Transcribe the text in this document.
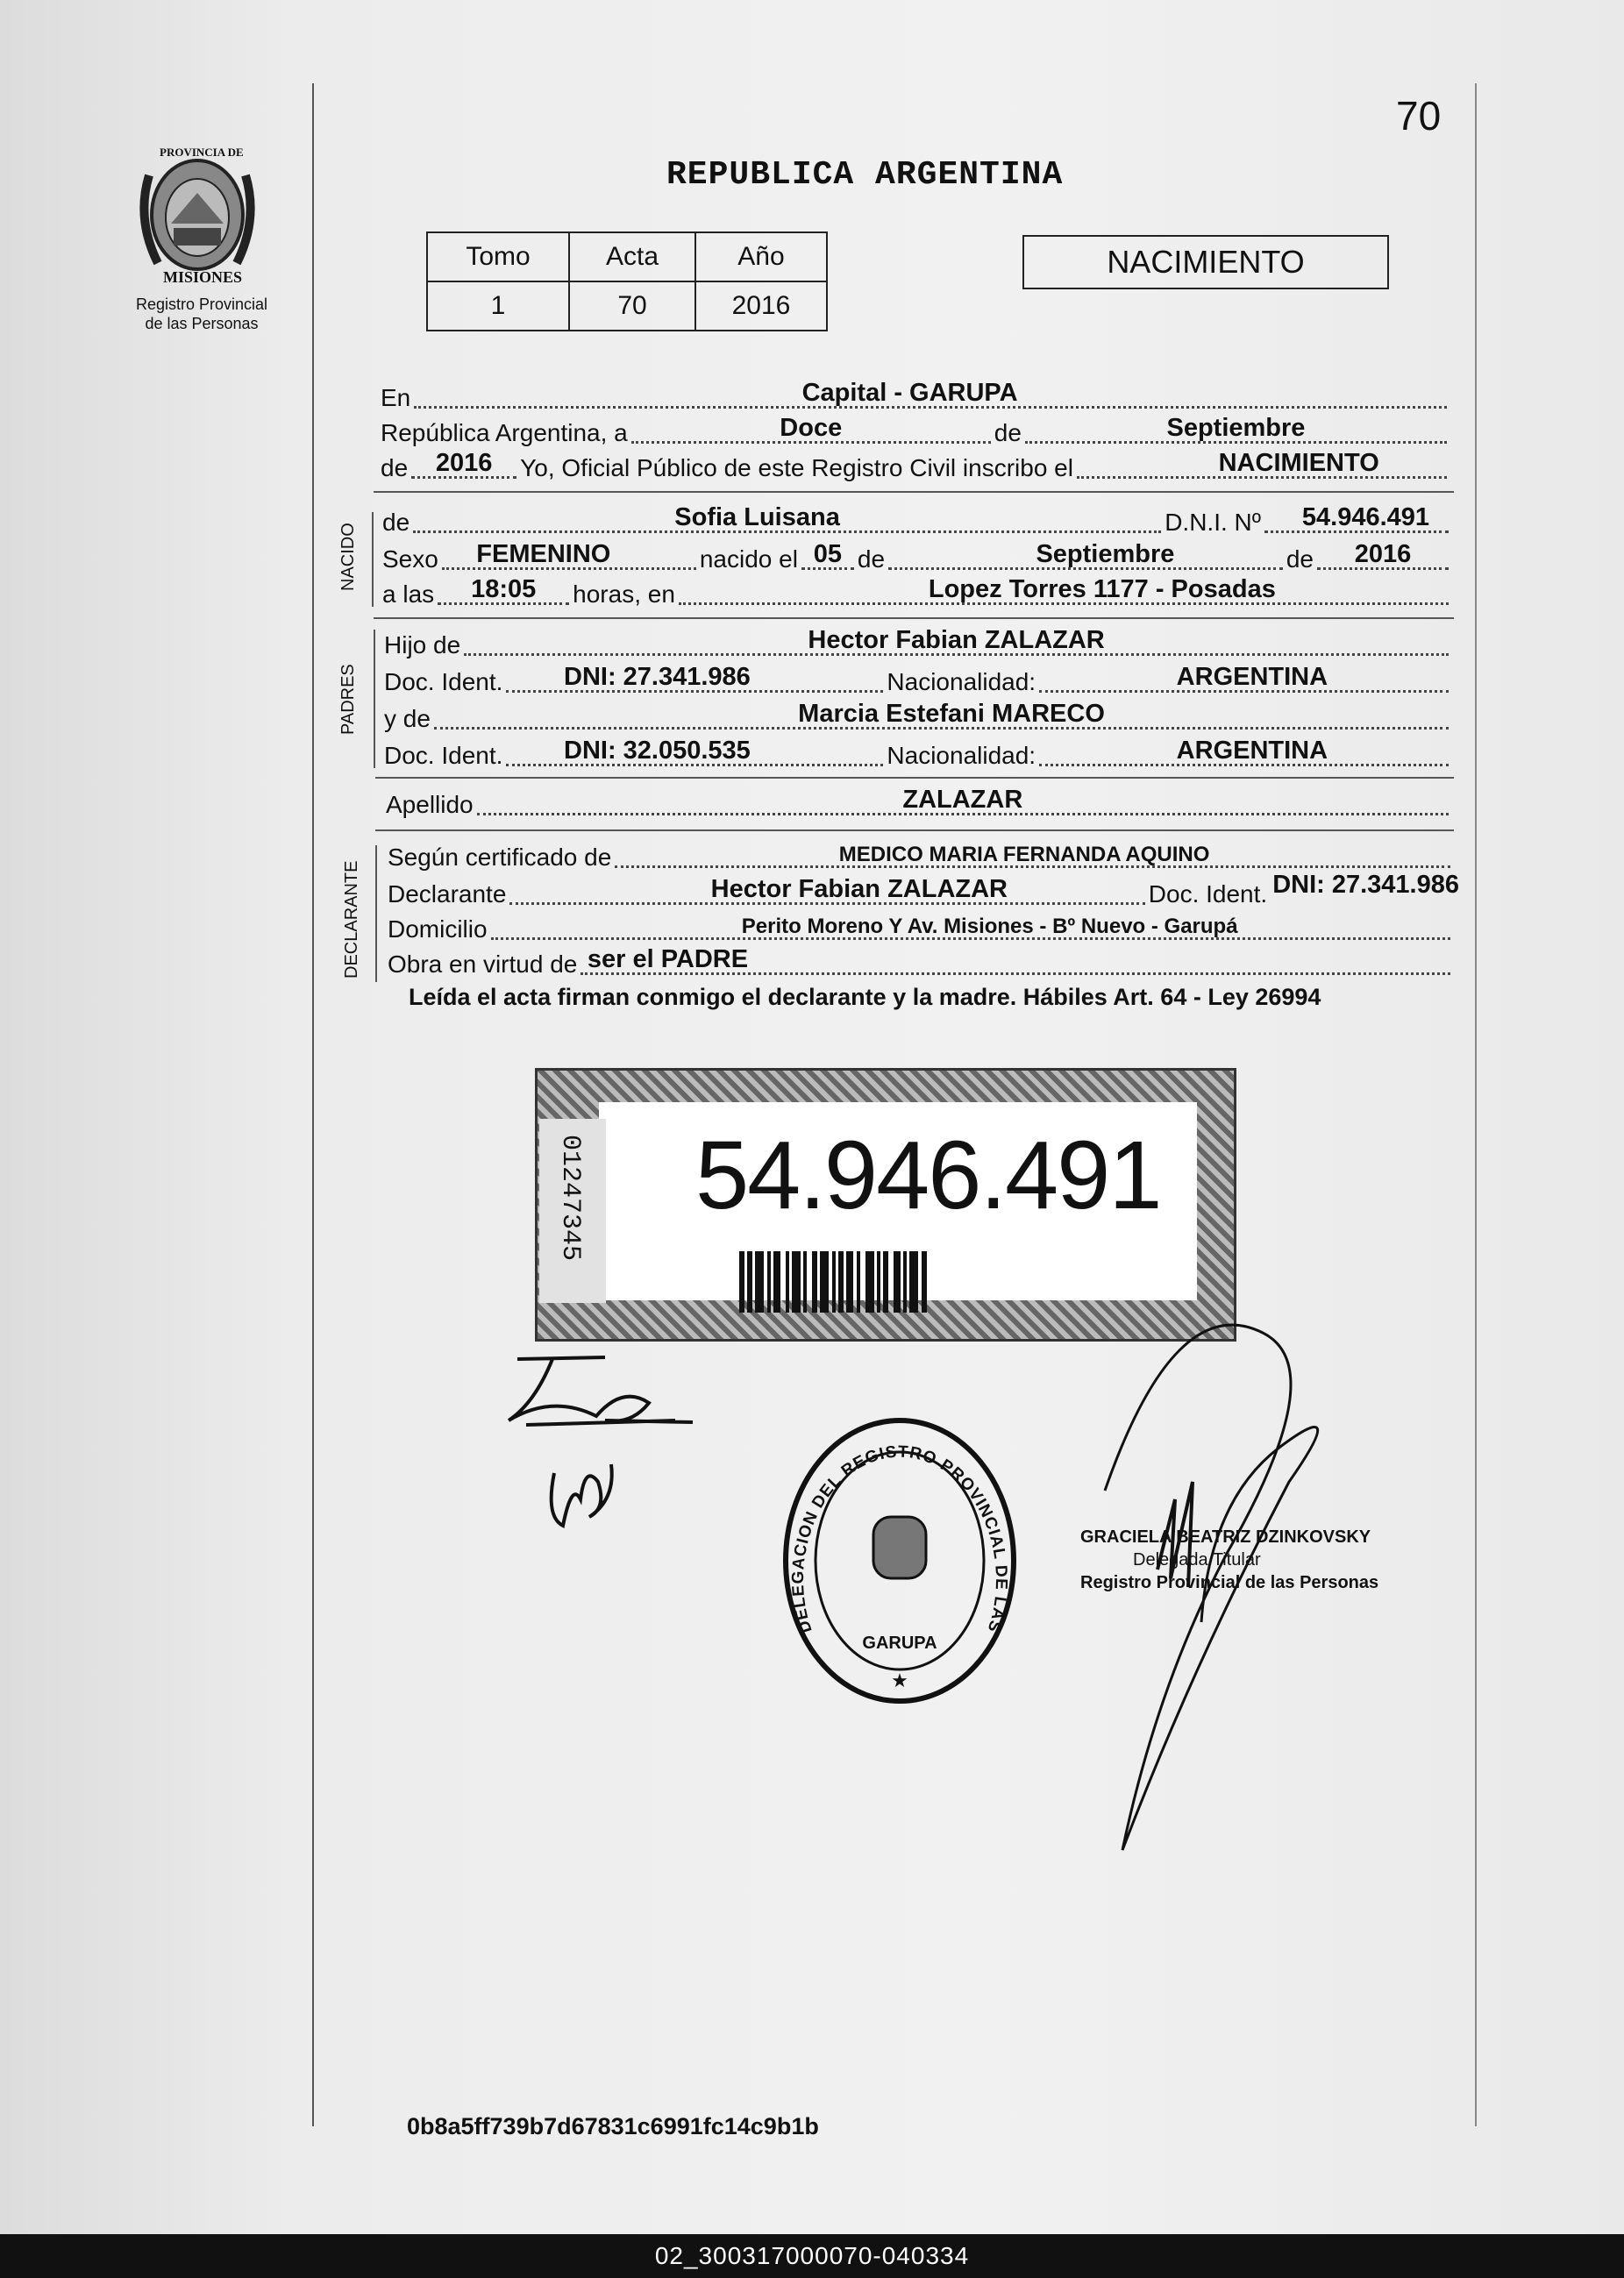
PROVINCIA DE
MISIONES
Registro Provincial
de las Personas
70
REPUBLICA ARGENTINA
Tomo	Acta	Año
1	70	2016
NACIMIENTO
En	Capital - GARUPA
República Argentina, a	Doce	de	Septiembre
de 2016 Yo, Oficial Público de este Registro Civil inscribo el	NACIMIENTO
NACIDO
de	Sofia Luisana	D.N.I. Nº 54.946.491
Sexo FEMENINO	nacido el 05 de	Septiembre	de 2016
a las 18:05 horas, en	Lopez Torres 1177 - Posadas
PADRES
Hijo de	Hector Fabian ZALAZAR
Doc. Ident. DNI: 27.341.986	Nacionalidad:	ARGENTINA
y de	Marcia Estefani MARECO
Doc. Ident. DNI: 32.050.535	Nacionalidad:	ARGENTINA
Apellido	ZALAZAR
DECLARANTE
Según certificado de	MEDICO MARIA FERNANDA AQUINO
Declarante	Hector Fabian ZALAZAR	Doc. Ident. DNI: 27.341.986
Domicilio	Perito Moreno Y Av. Misiones - Bº Nuevo - Garupá
Obra en virtud de ser el PADRE
Leída el acta firman conmigo el declarante y la madre. Hábiles Art. 64 - Ley 26994
54.946.491
01247345
DELEGACION DEL REGISTRO PROVINCIAL DE LAS PERSONAS
GARUPA
★
GRACIELA BEATRIZ DZINKOVSKY
Delegada Titular
Registro Provincial de las Personas
0b8a5ff739b7d67831c6991fc14c9b1b
02_300317000070-040334
